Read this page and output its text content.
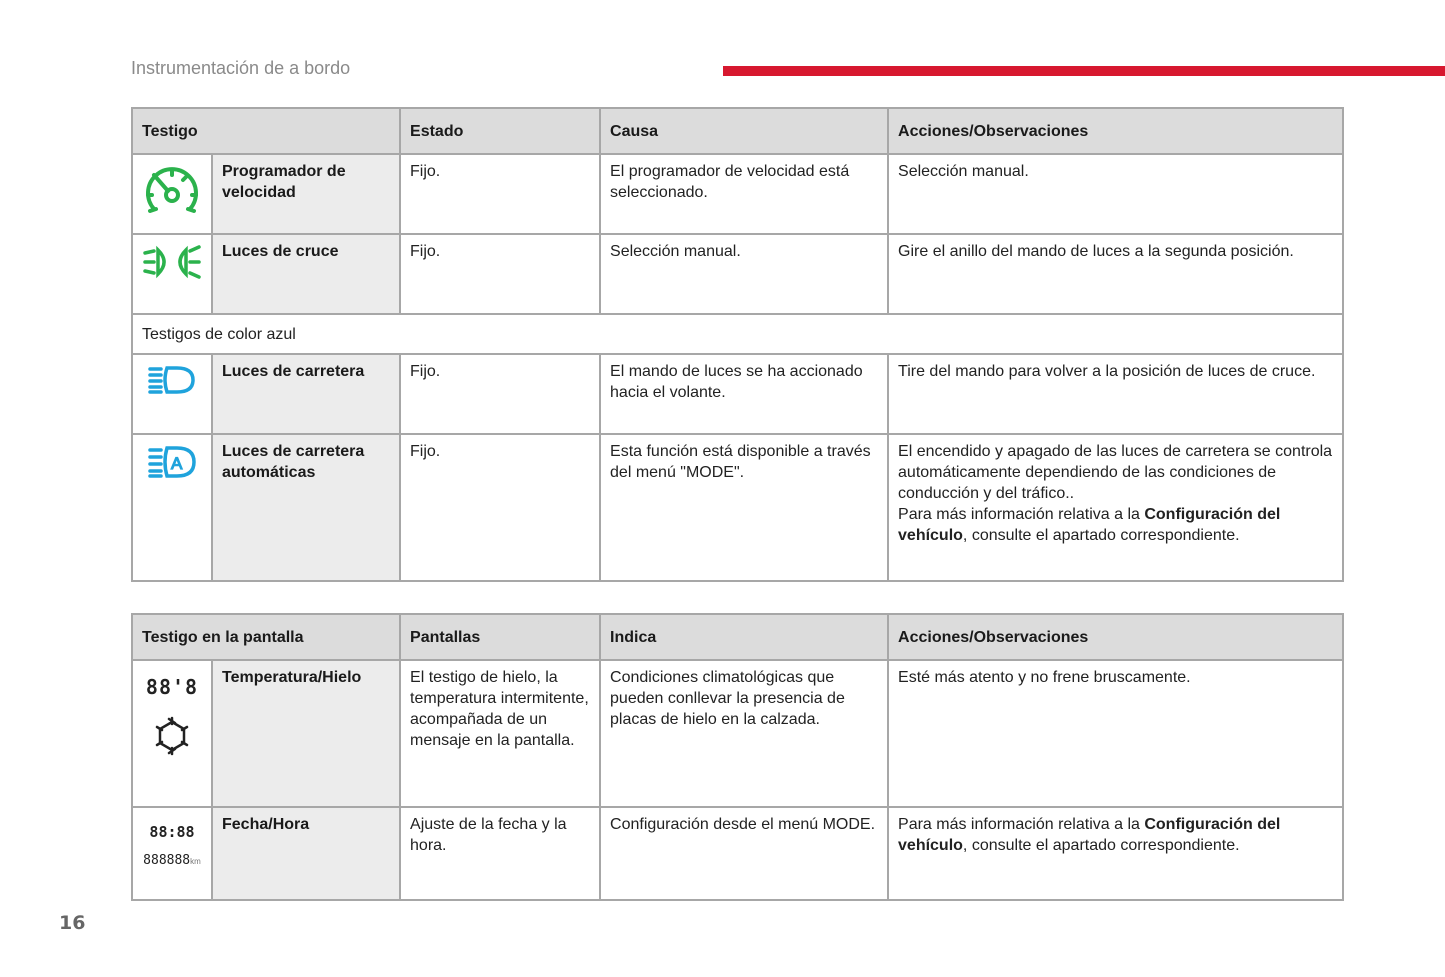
Instrumentación de a bordo
Testigo		Estado	Causa	Acciones/Observaciones
	Programador de velocidad	Fijo.	El programador de velocidad está seleccionado.	Selección manual.
	Luces de cruce	Fijo.	Selección manual.	Gire el anillo del mando de luces a la segunda posición.
Testigos de color azul				
	Luces de carretera	Fijo.	El mando de luces se ha accionado hacia el volante.	Tire del mando para volver a la posición de luces de cruce.

A	Luces de carretera automáticas	Fijo.	Esta función está disponible a través del menú "MODE".	El encendido y apagado de las luces de carretera se controla automáticamente dependiendo de las condiciones de conducción y del tráfico..
Para más información relativa a la Configuración del vehículo, consulte el apartado correspondiente.
Testigo en la pantalla		Pantallas	Indica	Acciones/Observaciones

88'8	Temperatura/Hielo	El testigo de hielo, la temperatura intermitente, acompañada de un mensaje en la pantalla.	Condiciones climatológicas que pueden conllevar la presencia de placas de hielo en la calzada.	Esté más atento y no frene bruscamente.

88:88
888888km	Fecha/Hora	Ajuste de la fecha y la hora.	Configuración desde el menú MODE.	Para más información relativa a la Configuración del vehículo, consulte el apartado correspondiente.
16
